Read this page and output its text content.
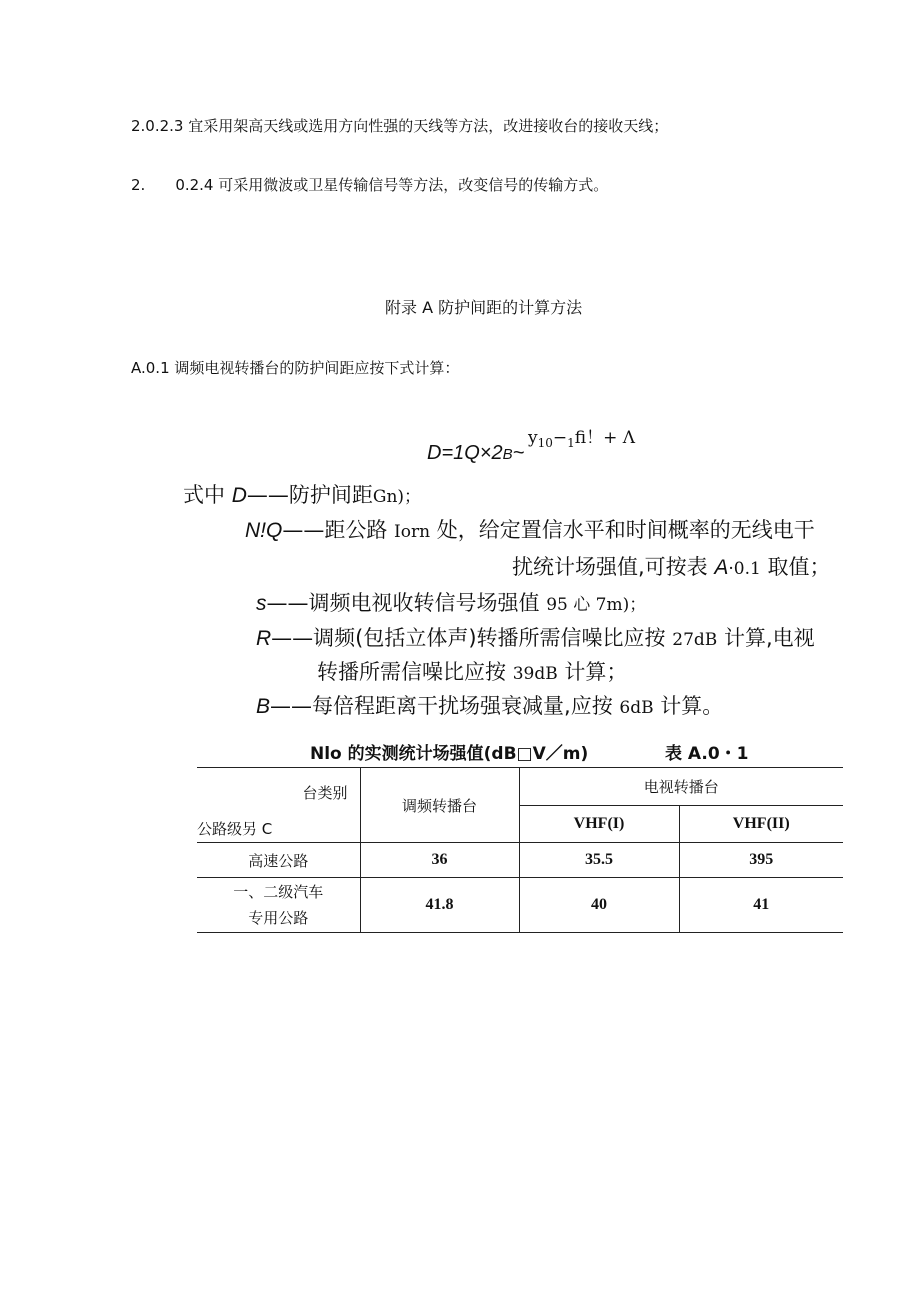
2.0.2.3 宜采用架高天线或选用方向性强的天线等方法，改进接收台的接收天线；
2. 0.2.4 可采用微波或卫星传输信号等方法，改变信号的传输方式。
附录 A 防护间距的计算方法
A.0.1 调频电视转播台的防护间距应按下式计算：
$y_{10}-_1fi$！+ Λ
D=1Q×2B~
式中 D——防护间距Gn)；
N!Q——距公路 Iorn 处，给定置信水平和时间概率的无线电干
扰统计场强值,可按表 A·0.1 取值；
s——调频电视收转信号场强值 95 心 7m)；
R——调频(包括立体声)转播所需信噪比应按 27dB 计算,电视
转播所需信噪比应按 39dB 计算；
B——每倍程距离干扰场强衰减量,应按 6dB 计算。
Nlo 的实测统计场强值(dB□V／m)	表 A.0・1
台类别
公路级另 C	调频转播台	电视转播台	
		VHF(I)	VHF(II)
高速公路	36	35.5	395

一、二级汽车
专用公路	41.8	40	41
